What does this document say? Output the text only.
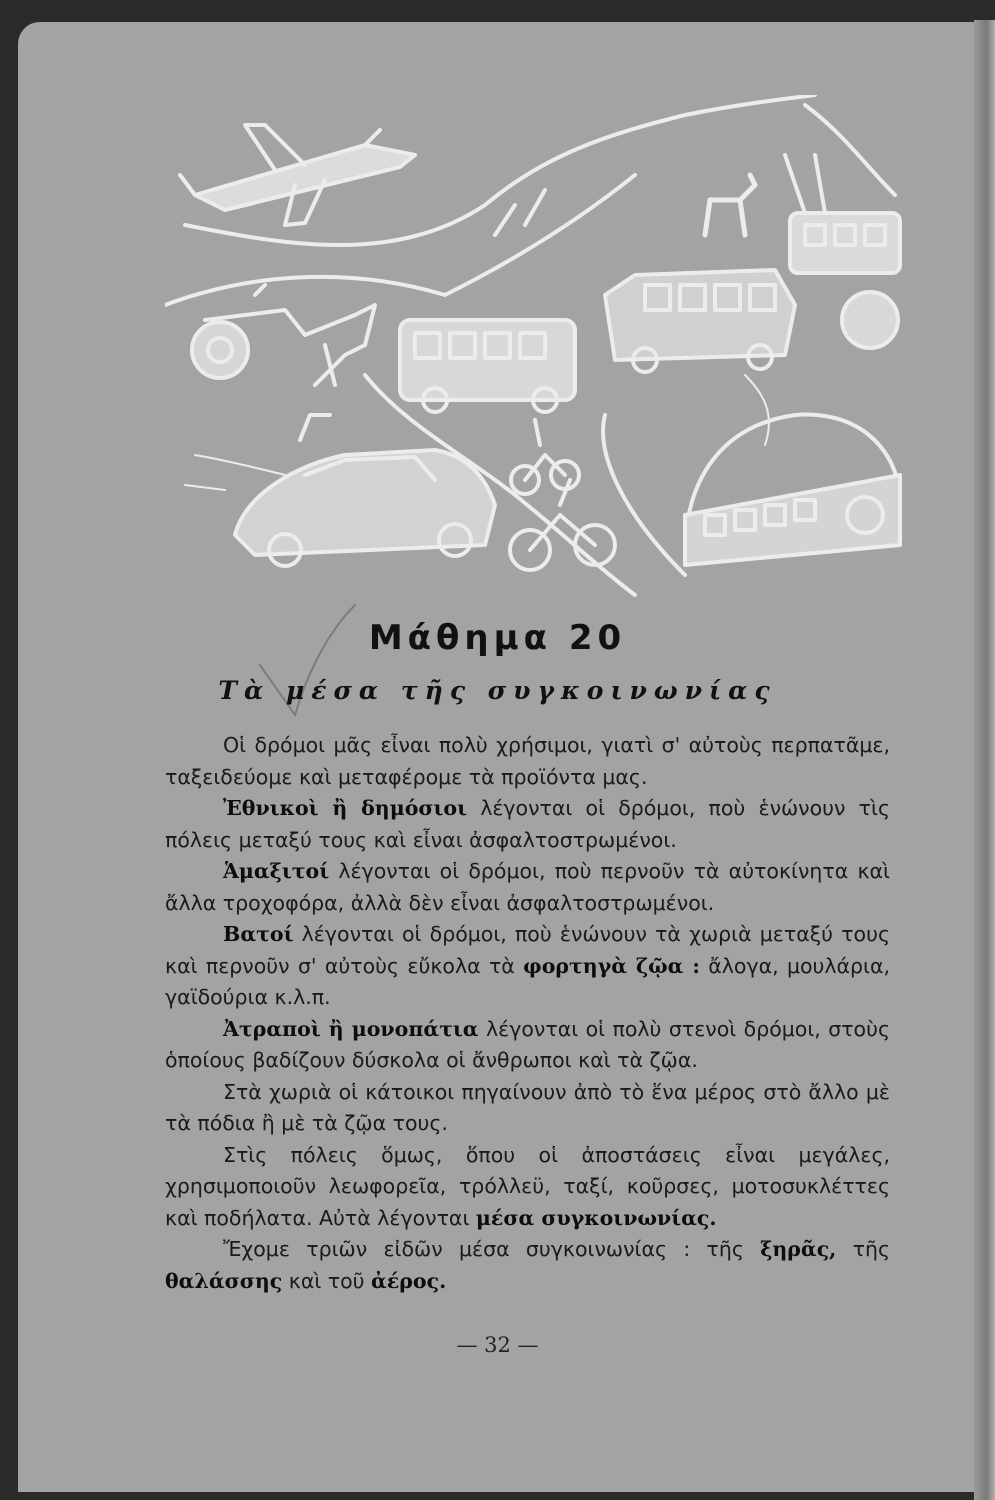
Μάθημα 20
Τὰ μέσα τῆς συγκοινωνίας

Οἱ δρόμοι μᾶς εἶναι πολὺ χρήσιμοι, γιατὶ σ' αὐτοὺς περπατᾶμε, ταξειδεύομε καὶ μεταφέρομε τὰ προϊόντα μας.

Ἐθνικοὶ ἢ δημόσιοι λέγονται οἱ δρόμοι, ποὺ ἑνώνουν τὶς πόλεις μεταξύ τους καὶ εἶναι ἀσφαλτοστρωμένοι.

Ἁμαξιτοί λέγονται οἱ δρόμοι, ποὺ περνοῦν τὰ αὐτοκίνητα καὶ ἄλλα τροχοφόρα, ἀλλὰ δὲν εἶναι ἀσφαλτοστρωμένοι.

Βατοί λέγονται οἱ δρόμοι, ποὺ ἑνώνουν τὰ χωριὰ μεταξύ τους καὶ περνοῦν σ' αὐτοὺς εὔκολα τὰ φορτηγὰ ζῷα : ἄλογα, μουλάρια, γαϊδούρια κ.λ.π.

Ἀτραποὶ ἢ μονοπάτια λέγονται οἱ πολὺ στενοὶ δρόμοι, στοὺς ὁποίους βαδίζουν δύσκολα οἱ ἄνθρωποι καὶ τὰ ζῷα.

Στὰ χωριὰ οἱ κάτοικοι πηγαίνουν ἀπὸ τὸ ἕνα μέρος στὸ ἄλλο μὲ τὰ πόδια ἢ μὲ τὰ ζῷα τους.

Στὶς πόλεις ὅμως, ὅπου οἱ ἀποστάσεις εἶναι μεγάλες, χρησιμοποιοῦν λεωφορεῖα, τρόλλεϋ, ταξί, κοῦρσες, μοτοσυκλέττες καὶ ποδήλατα. Αὐτὰ λέγονται μέσα συγκοινωνίας.

Ἔχομε τριῶν εἰδῶν μέσα συγκοινωνίας : τῆς ξηρᾶς, τῆς θαλάσσης καὶ τοῦ ἀέρος.

— 32 —
